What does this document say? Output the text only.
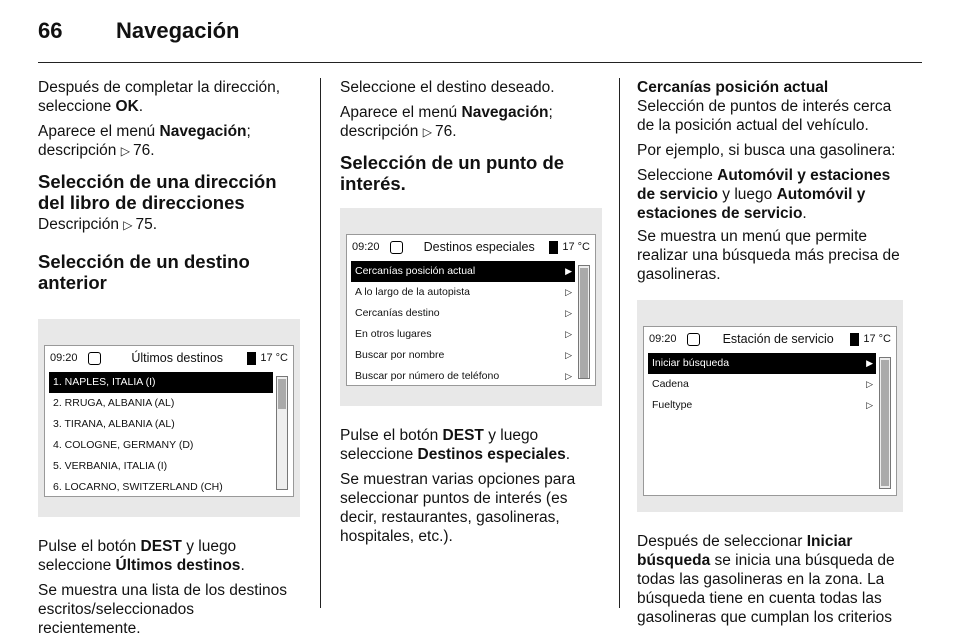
66 Navegación

Después de completar la dirección, seleccione OK.

Aparece el menú Navegación; descripción ▷ 76.

Selección de una dirección del libro de direcciones

Descripción ▷ 75.

Selección de un destino anterior
09:20	Últimos destinos	17 °C
1. NAPLES, ITALIA (I)
2. RRUGA, ALBANIA (AL)
3. TIRANA, ALBANIA (AL)
4. COLOGNE, GERMANY (D)
5. VERBANIA, ITALIA (I)
6. LOCARNO, SWITZERLAND (CH)

Pulse el botón DEST y luego seleccione Últimos destinos.

Se muestra una lista de los destinos escritos/seleccionados recientemente.

Seleccione el destino deseado.

Aparece el menú Navegación; descripción ▷ 76.

Selección de un punto de interés.
09:20	Destinos especiales	17 °C
Cercanías posición actual	▶
A lo largo de la autopista	▷
Cercanías destino	▷
En otros lugares	▷
Buscar por nombre	▷
Buscar por número de teléfono	▷

Pulse el botón DEST y luego seleccione Destinos especiales.

Se muestran varias opciones para seleccionar puntos de interés (es decir, restaurantes, gasolineras, hospitales, etc.).

Cercanías posición actual

Selección de puntos de interés cerca de la posición actual del vehículo.

Por ejemplo, si busca una gasolinera:

Seleccione Automóvil y estaciones de servicio y luego Automóvil y estaciones de servicio.

Se muestra un menú que permite realizar una búsqueda más precisa de gasolineras.

09:20	Estación de servicio	17 °C
Iniciar búsqueda	▶
Cadena	▷
Fueltype	▷

Después de seleccionar Iniciar búsqueda se inicia una búsqueda de todas las gasolineras en la zona. La búsqueda tiene en cuenta todas las gasolineras que cumplan los criterios
